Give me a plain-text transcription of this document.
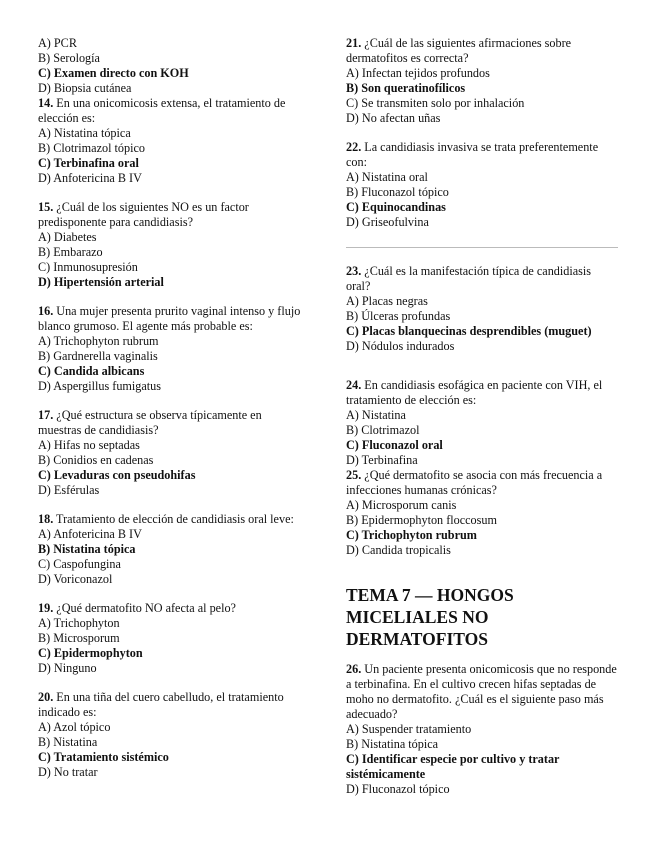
A) PCR
B) Serología
C) Examen directo con KOH
D) Biopsia cutánea
14. En una onicomicosis extensa, el tratamiento de elección es:
A) Nistatina tópica
B) Clotrimazol tópico
C) Terbinafina oral
D) Anfotericina B IV
15. ¿Cuál de los siguientes NO es un factor predisponente para candidiasis?
A) Diabetes
B) Embarazo
C) Inmunosupresión
D) Hipertensión arterial
16. Una mujer presenta prurito vaginal intenso y flujo blanco grumoso. El agente más probable es:
A) Trichophyton rubrum
B) Gardnerella vaginalis
C) Candida albicans
D) Aspergillus fumigatus
17. ¿Qué estructura se observa típicamente en muestras de candidiasis?
A) Hifas no septadas
B) Conidios en cadenas
C) Levaduras con pseudohifas
D) Esférulas
18. Tratamiento de elección de candidiasis oral leve:
A) Anfotericina B IV
B) Nistatina tópica
C) Caspofungina
D) Voriconazol
19. ¿Qué dermatofito NO afecta al pelo?
A) Trichophyton
B) Microsporum
C) Epidermophyton
D) Ninguno
20. En una tiña del cuero cabelludo, el tratamiento indicado es:
A) Azol tópico
B) Nistatina
C) Tratamiento sistémico
D) No tratar
21. ¿Cuál de las siguientes afirmaciones sobre dermatofitos es correcta?
A) Infectan tejidos profundos
B) Son queratinofílicos
C) Se transmiten solo por inhalación
D) No afectan uñas
22. La candidiasis invasiva se trata preferentemente con:
A) Nistatina oral
B) Fluconazol tópico
C) Equinocandinas
D) Griseofulvina
23. ¿Cuál es la manifestación típica de candidiasis oral?
A) Placas negras
B) Úlceras profundas
C) Placas blanquecinas desprendibles (muguet)
D) Nódulos indurados
24. En candidiasis esofágica en paciente con VIH, el tratamiento de elección es:
A) Nistatina
B) Clotrimazol
C) Fluconazol oral
D) Terbinafina
25. ¿Qué dermatofito se asocia con más frecuencia a infecciones humanas crónicas?
A) Microsporum canis
B) Epidermophyton floccosum
C) Trichophyton rubrum
D) Candida tropicalis
TEMA 7 — HONGOS MICELIALES NO DERMATOFITOS
26. Un paciente presenta onicomicosis que no responde a terbinafina. En el cultivo crecen hifas septadas de moho no dermatofito. ¿Cuál es el siguiente paso más adecuado?
A) Suspender tratamiento
B) Nistatina tópica
C) Identificar especie por cultivo y tratar sistémicamente
D) Fluconazol tópico
